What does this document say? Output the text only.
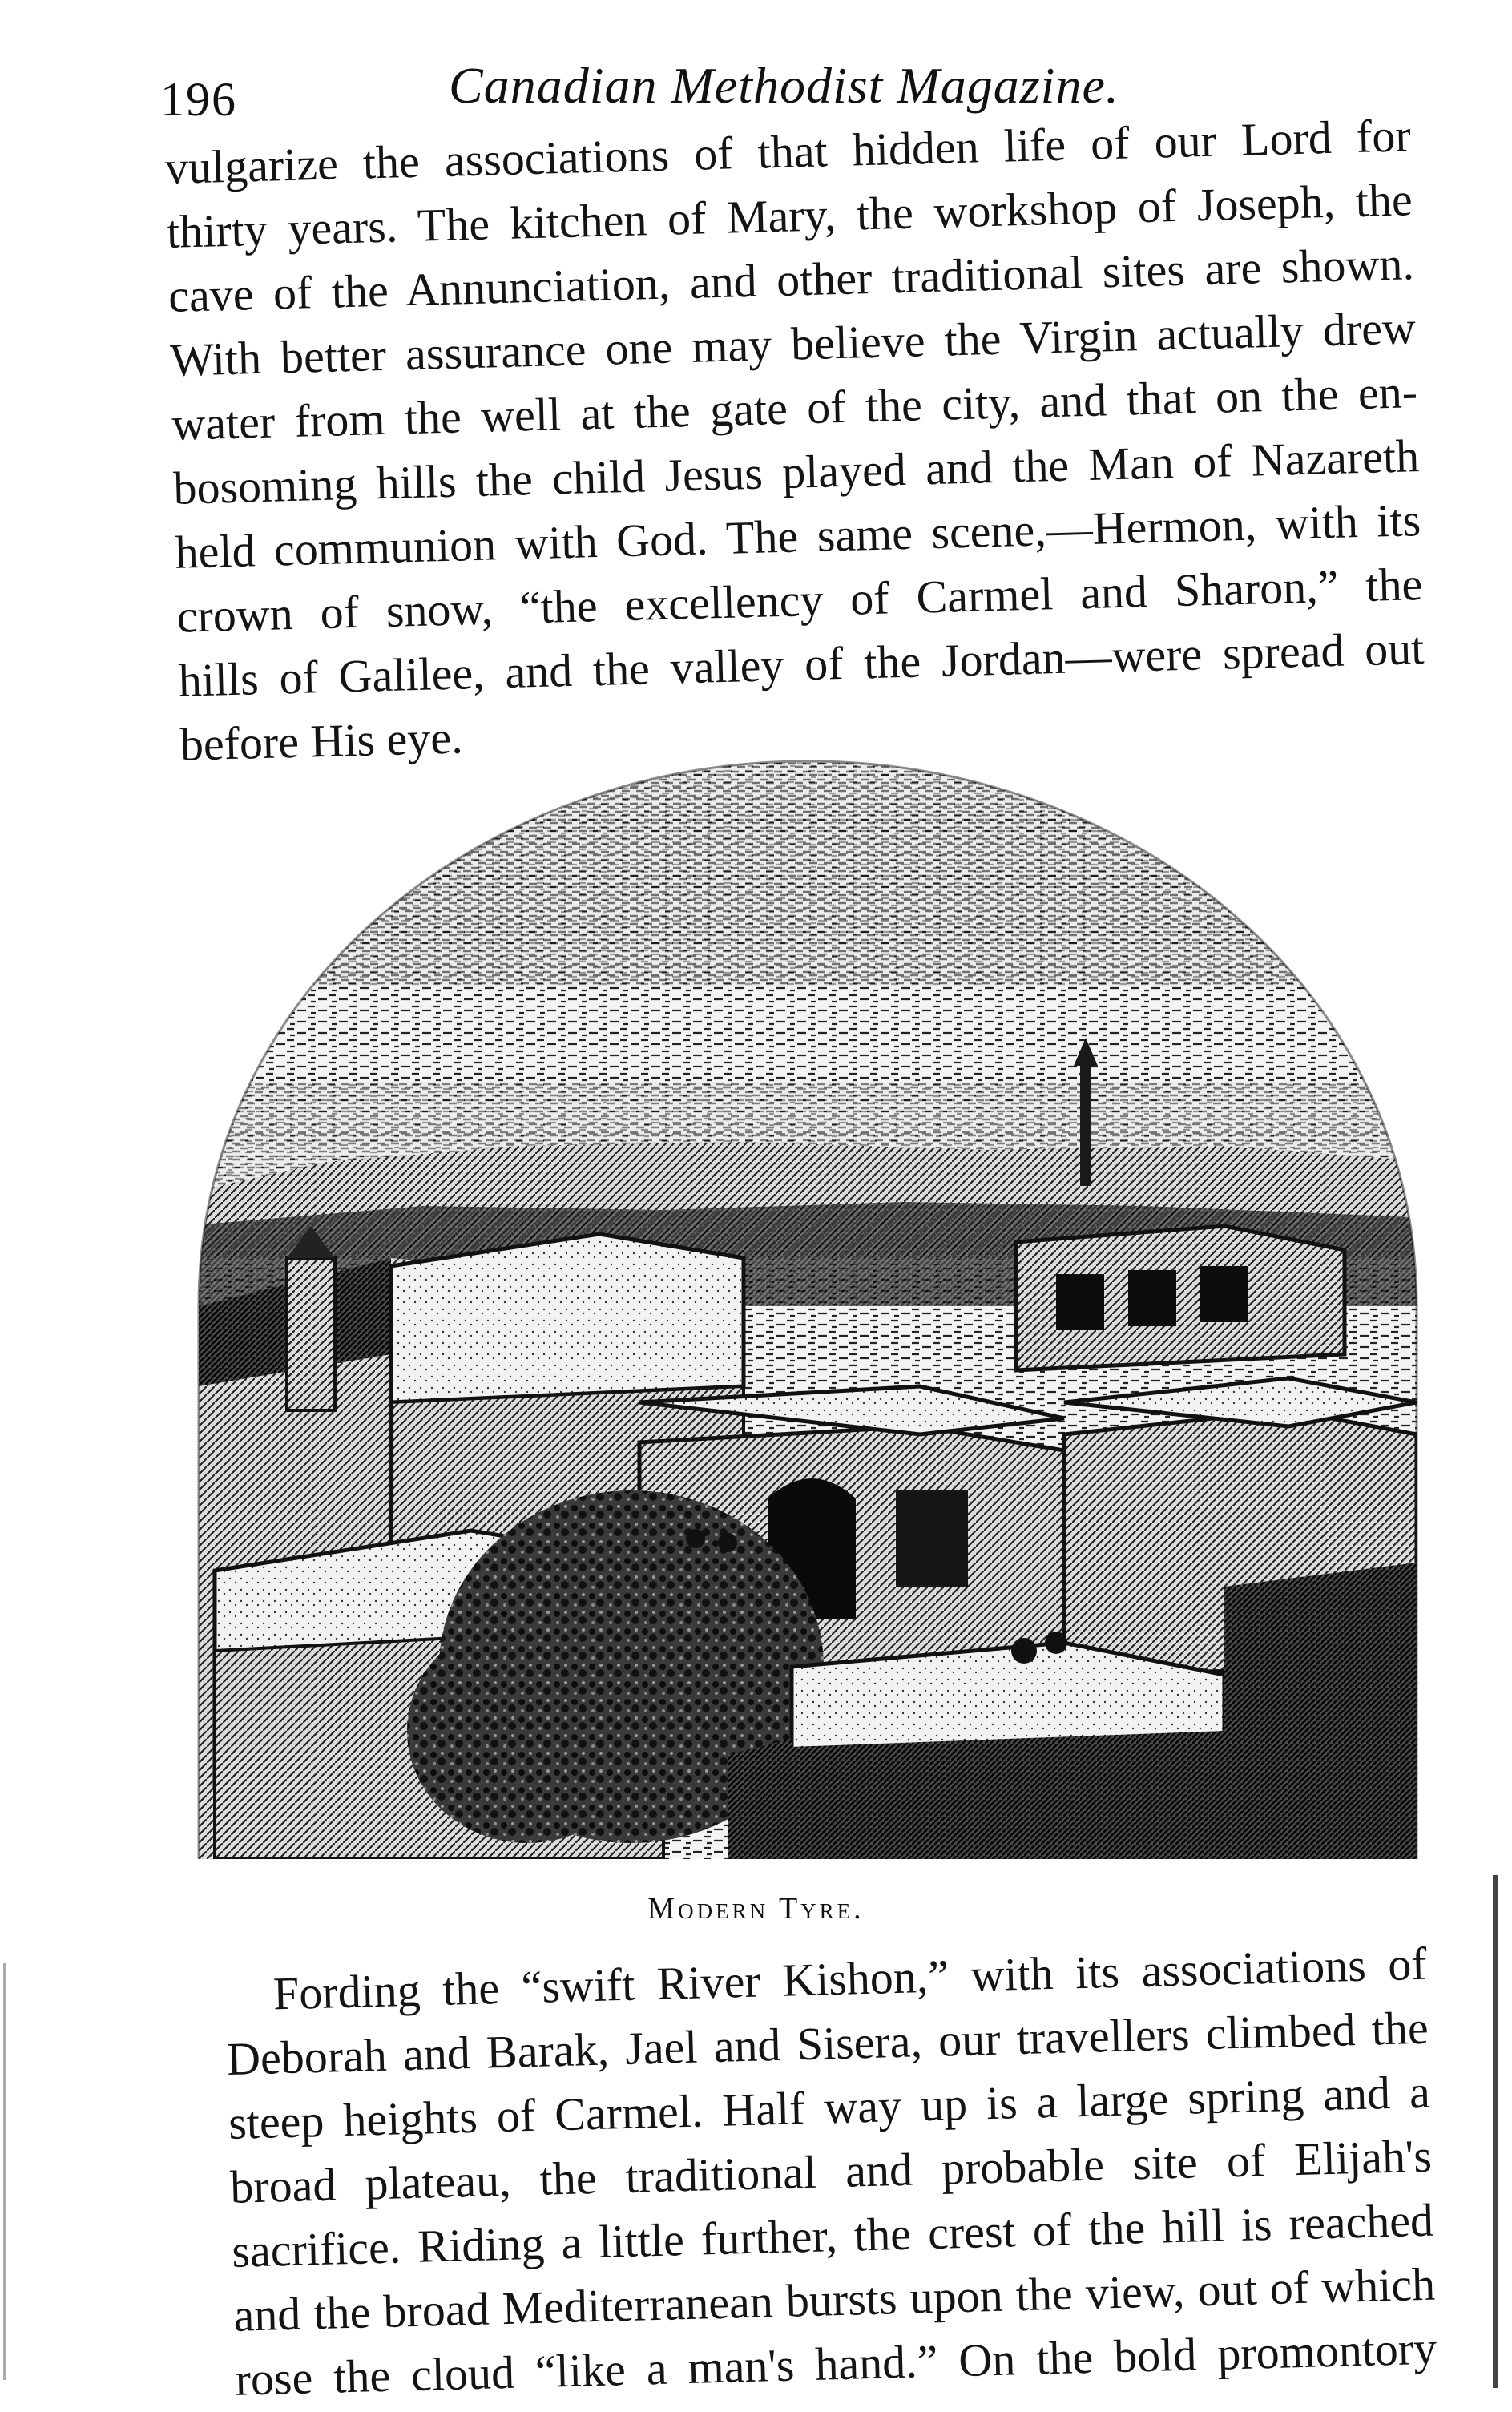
196	Canadian Methodist Magazine.
vulgarize the associations of that hidden life of our Lord for
thirty years. The kitchen of Mary, the workshop of Joseph, the
cave of the Annunciation, and other traditional sites are shown.
With better assurance one may believe the Virgin actually drew
water from the well at the gate of the city, and that on the en-
bosoming hills the child Jesus played and the Man of Nazareth
held communion with God. The same scene,—Hermon, with its
crown of snow, “the excellency of Carmel and Sharon,” the
hills of Galilee, and the valley of the Jordan—were spread out
before His eye.
Modern Tyre.
Fording the “swift River Kishon,” with its associations of
Deborah and Barak, Jael and Sisera, our travellers climbed the
steep heights of Carmel. Half way up is a large spring and a
broad plateau, the traditional and probable site of Elijah's
sacrifice. Riding a little further, the crest of the hill is reached
and the broad Mediterranean bursts upon the view, out of which
rose the cloud “like a man's hand.” On the bold promontory
